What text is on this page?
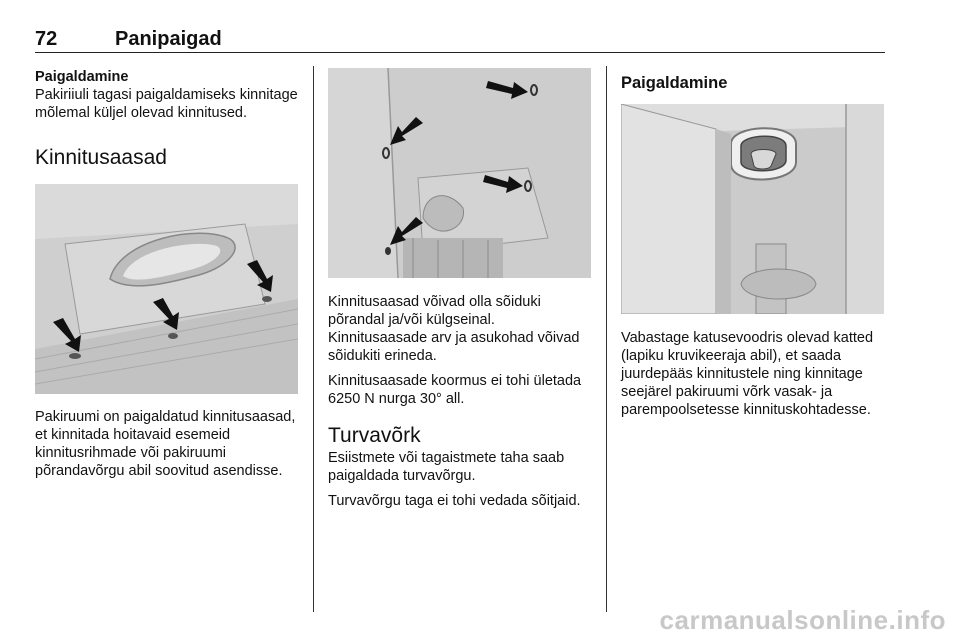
72	Panipaigad
Paigaldamine

Pakiriiuli tagasi paigaldamiseks kinnitage mõlemal küljel olevad kinnitused.

Kinnitusaasad

Pakiruumi on paigaldatud kinnitusaasad, et kinnitada hoitavaid esemeid kinnitusrihmade või pakiruumi põrandavõrgu abil soovitud asendisse.

Kinnitusaasad võivad olla sõiduki põrandal ja/või külgseinal. Kinnitusaasade arv ja asukohad võivad sõidukiti erineda.

Kinnitusaasade koormus ei tohi ületada 6250 N nurga 30° all.

Turvavõrk

Esiistmete või tagaistmete taha saab paigaldada turvavõrgu.

Turvavõrgu taga ei tohi vedada sõitjaid.

Paigaldamine

Vabastage katusevoodris olevad katted (lapiku kruvikeeraja abil), et saada juurdepääs kinnitustele ning kinnitage seejärel pakiruumi võrk vasak- ja parempoolsetesse kinnituskohtadesse.

carmanualsonline.info
